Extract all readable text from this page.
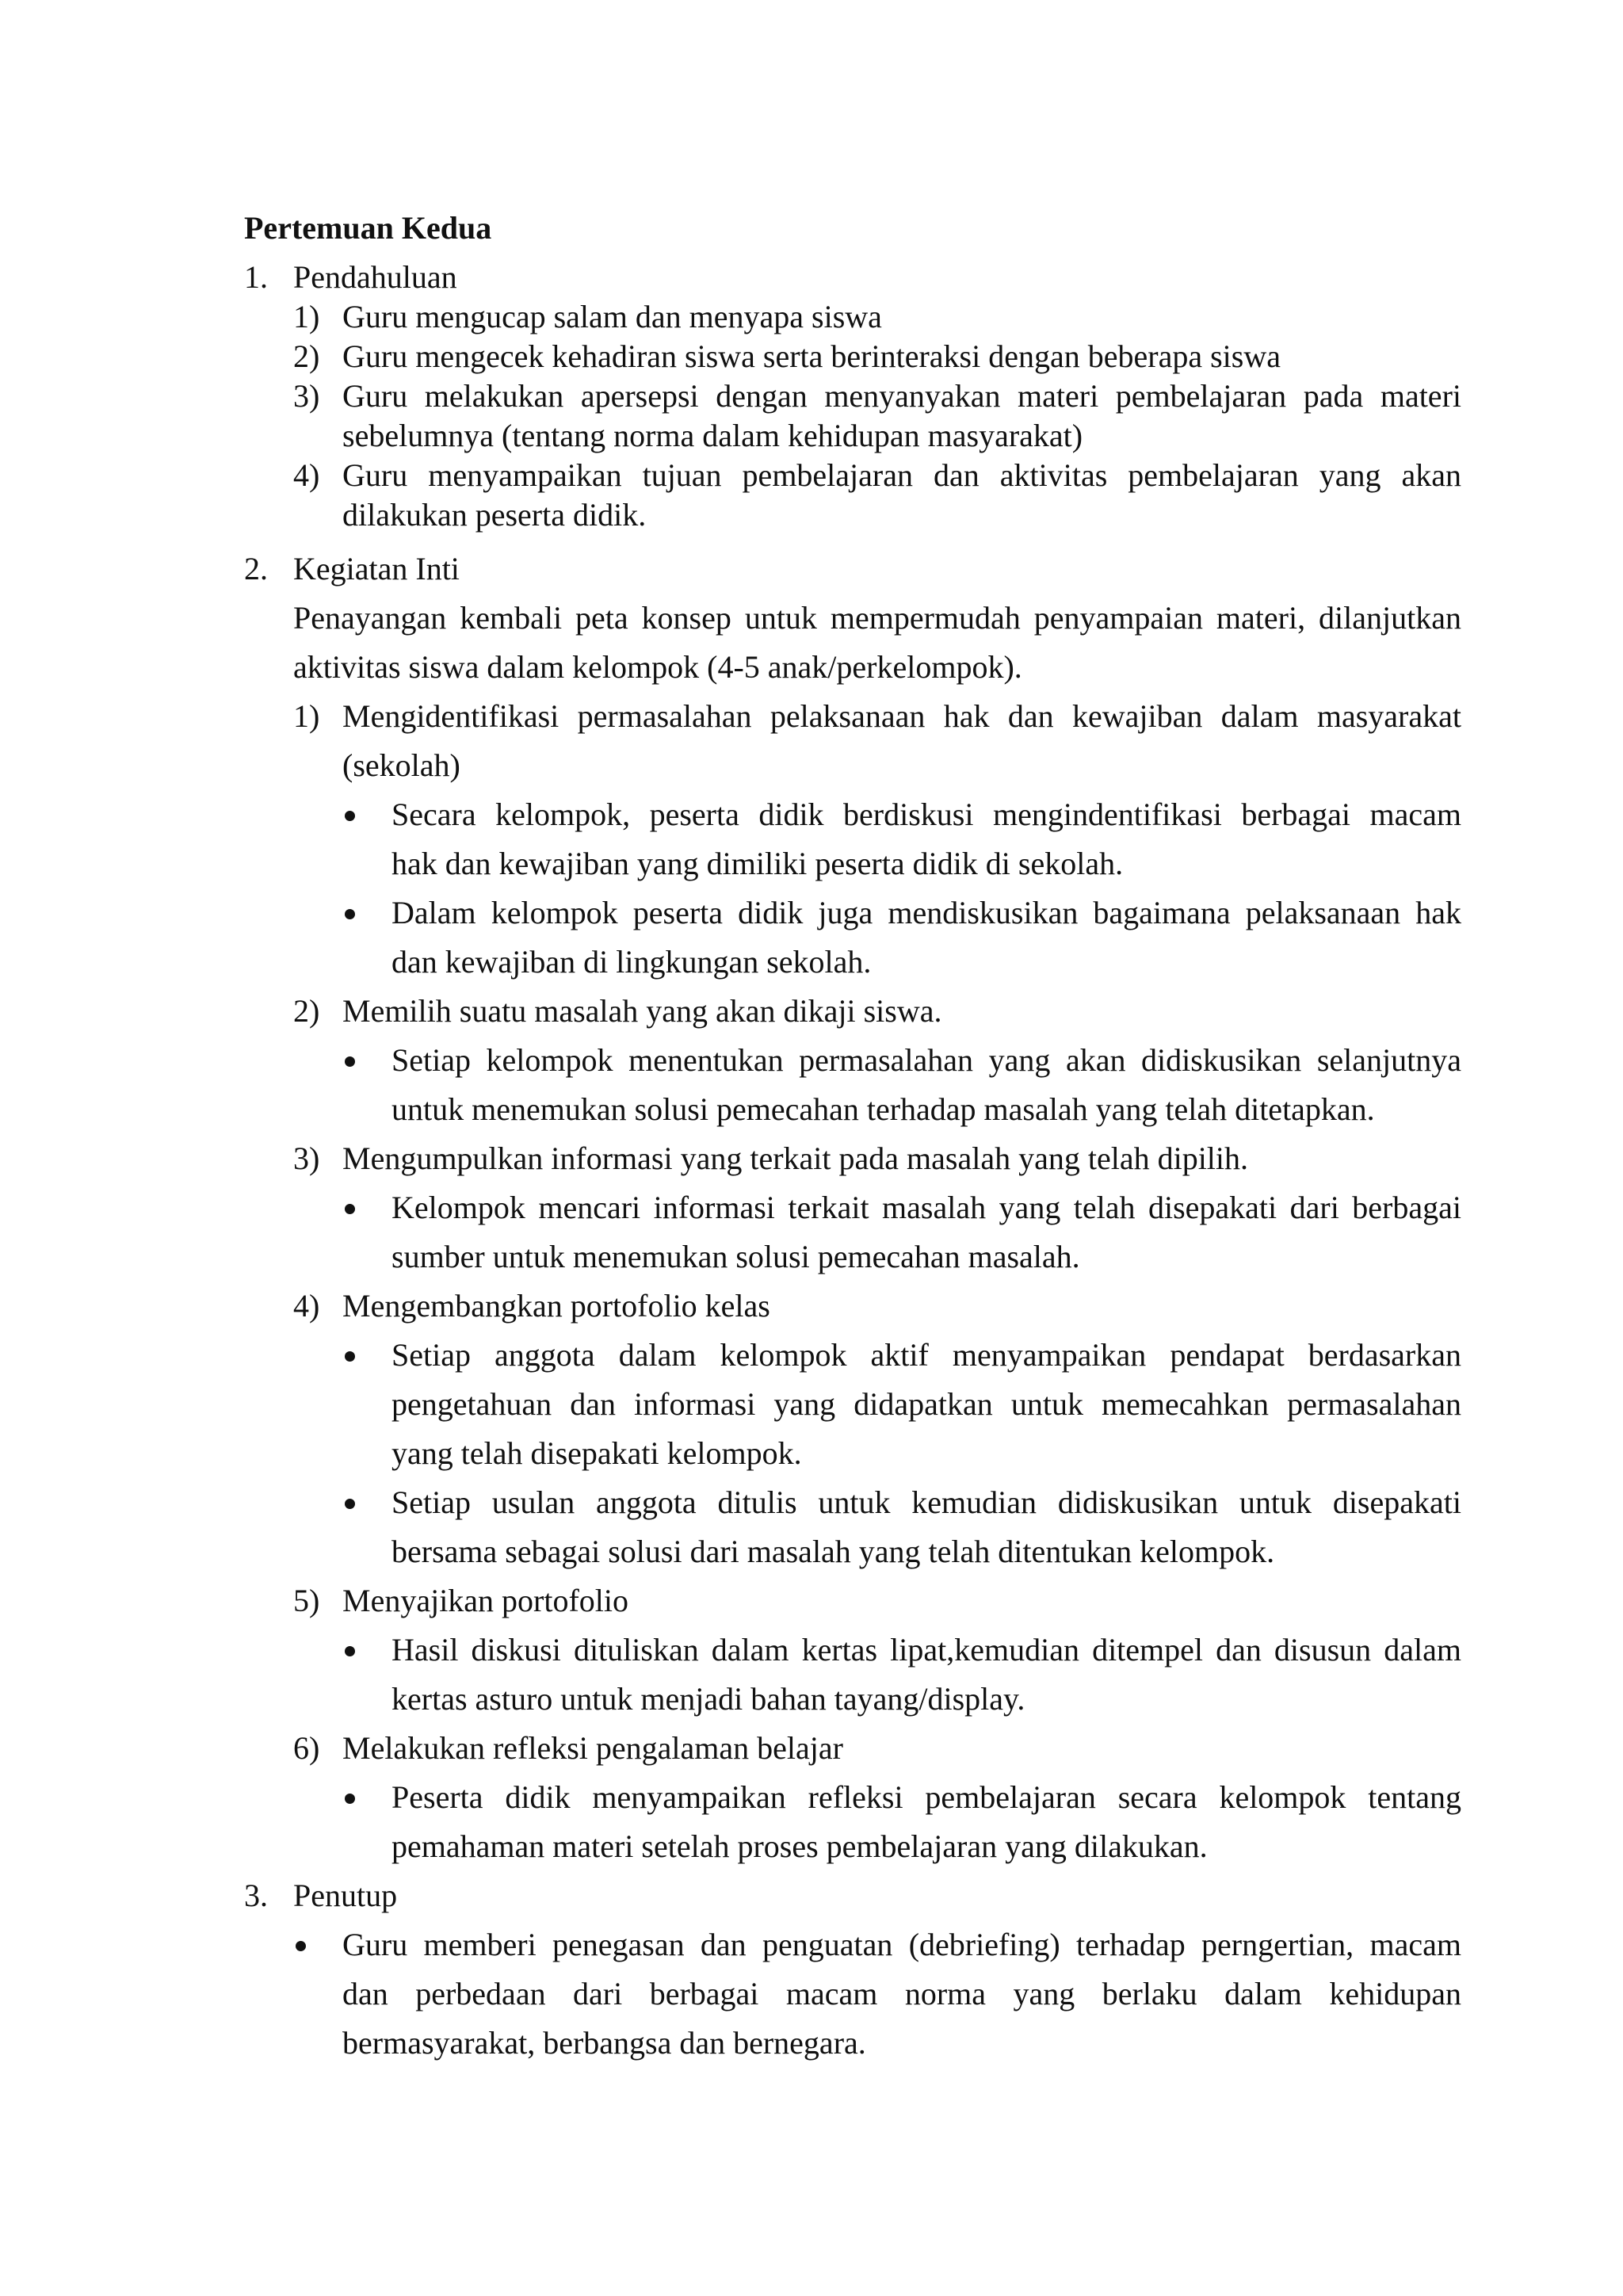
Pertemuan Kedua

1. Pendahuluan

1) Guru mengucap salam dan menyapa siswa

2) Guru mengecek kehadiran siswa serta berinteraksi dengan beberapa siswa

3) Guru melakukan apersepsi dengan menyanyakan materi pembelajaran pada materi

sebelumnya (tentang norma dalam kehidupan masyarakat)

4) Guru menyampaikan tujuan pembelajaran dan aktivitas pembelajaran yang akan

dilakukan peserta didik.

2. Kegiatan Inti

Penayangan kembali peta konsep untuk mempermudah penyampaian materi, dilanjutkan

aktivitas siswa dalam kelompok (4-5 anak/perkelompok).

1) Mengidentifikasi permasalahan pelaksanaan hak dan kewajiban dalam masyarakat

(sekolah)

Secara kelompok, peserta didik berdiskusi mengindentifikasi berbagai macam

hak dan kewajiban yang dimiliki peserta didik di sekolah.

Dalam kelompok peserta didik juga mendiskusikan bagaimana pelaksanaan hak

dan kewajiban di lingkungan sekolah.

2) Memilih suatu masalah yang akan dikaji siswa.

Setiap kelompok menentukan permasalahan yang akan didiskusikan selanjutnya

untuk menemukan solusi pemecahan terhadap masalah yang telah ditetapkan.

3) Mengumpulkan informasi yang terkait pada masalah yang telah dipilih.

Kelompok mencari informasi terkait masalah yang telah disepakati dari berbagai

sumber untuk menemukan solusi pemecahan masalah.

4) Mengembangkan portofolio kelas

Setiap anggota dalam kelompok aktif menyampaikan pendapat berdasarkan

pengetahuan dan informasi yang didapatkan untuk memecahkan permasalahan

yang telah disepakati kelompok.

Setiap usulan anggota ditulis untuk kemudian didiskusikan untuk disepakati

bersama sebagai solusi dari masalah yang telah ditentukan kelompok.

5) Menyajikan portofolio

Hasil diskusi dituliskan dalam kertas lipat,kemudian ditempel dan disusun dalam

kertas asturo untuk menjadi bahan tayang/display.

6) Melakukan refleksi pengalaman belajar

Peserta didik menyampaikan refleksi pembelajaran secara kelompok tentang

pemahaman materi setelah proses pembelajaran yang dilakukan.

3. Penutup

Guru memberi penegasan dan penguatan (debriefing) terhadap perngertian, macam

dan perbedaan dari berbagai macam norma yang berlaku dalam kehidupan

bermasyarakat, berbangsa dan bernegara.
